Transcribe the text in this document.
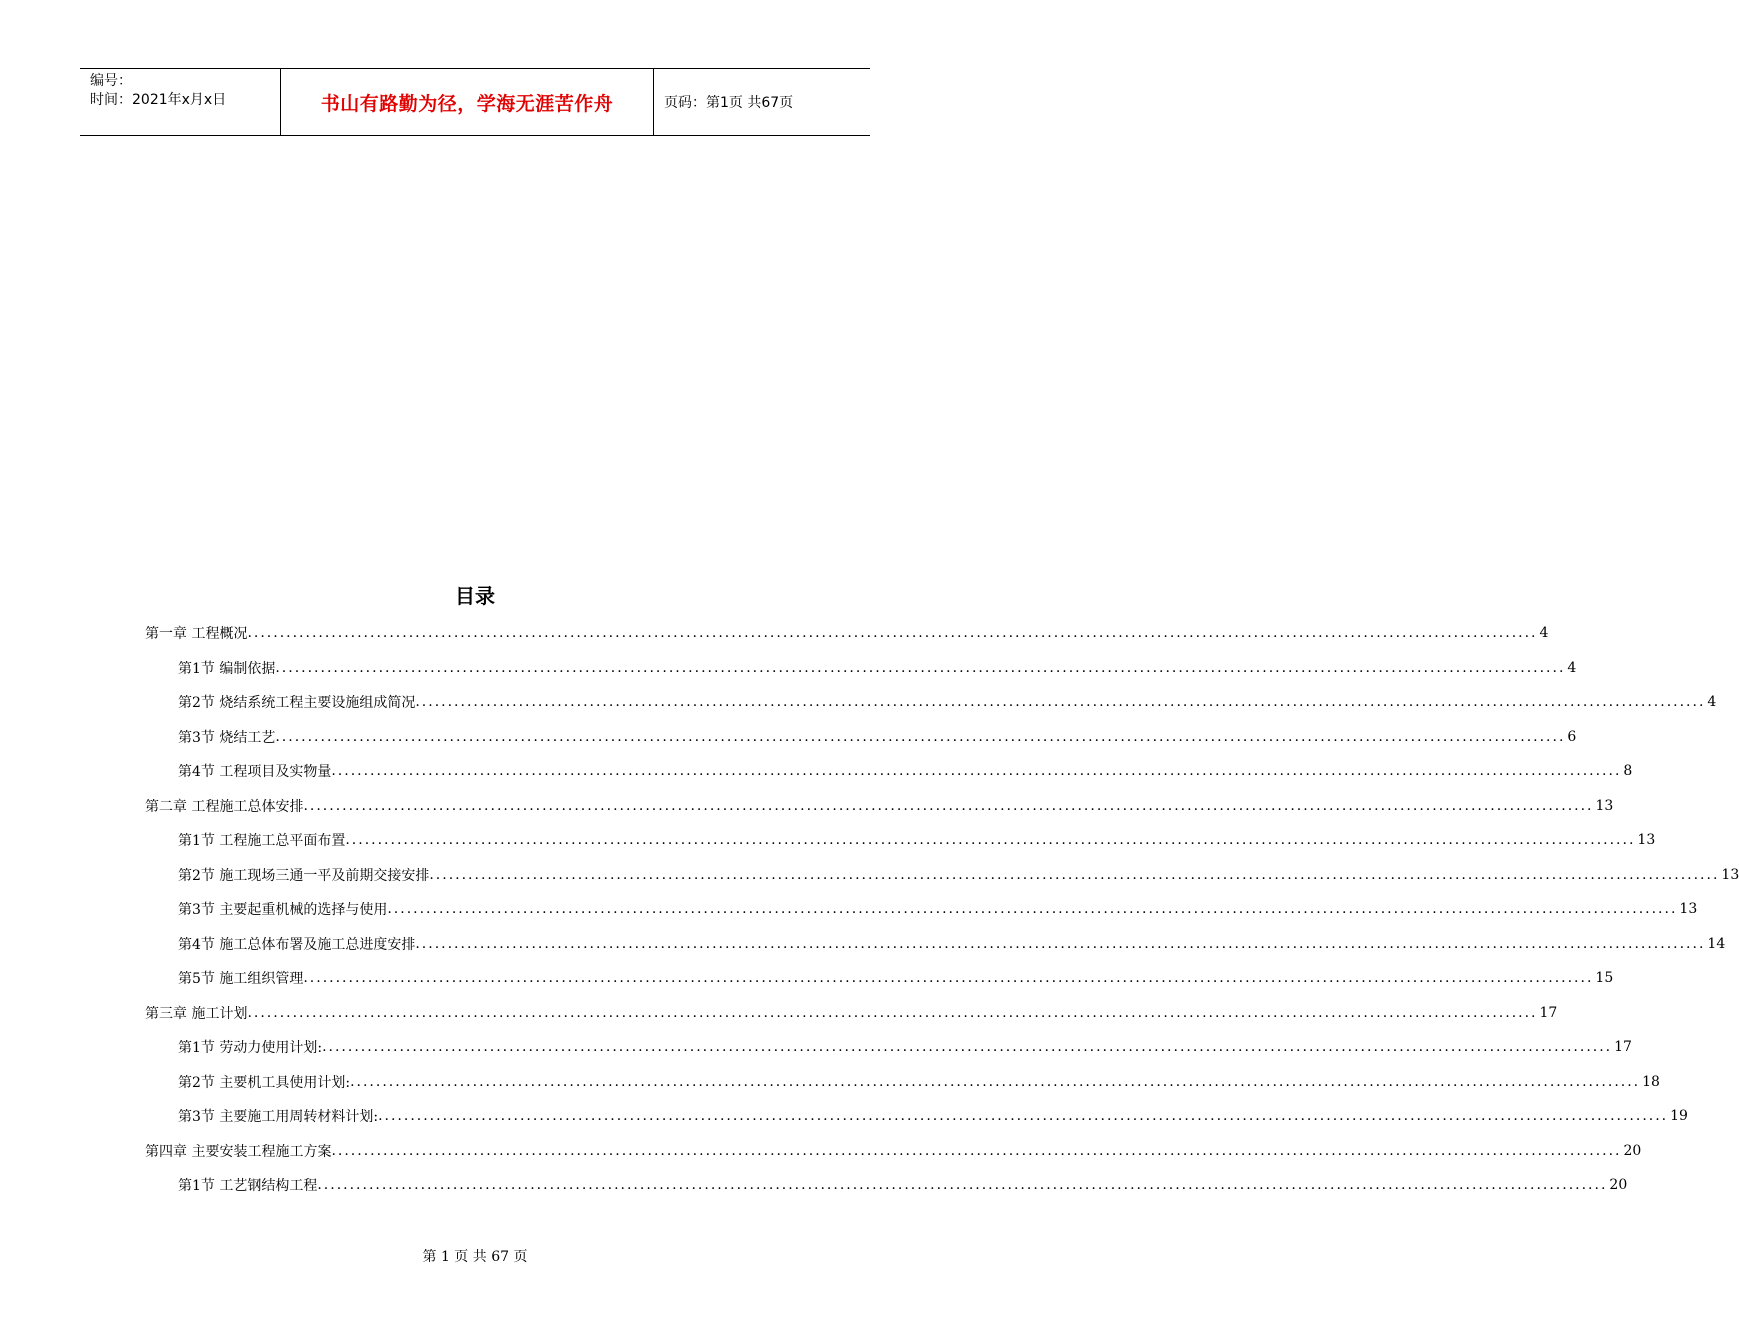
编号：
时间：2021年x月x日	书山有路勤为径，学海无涯苦作舟	页码：第1页 共67页
目录
第一章 工程概况 ........................................................................................................................................................................................................ 4
第1节 编制依据 ........................................................................................................................................................................................................ 4
第2节 烧结系统工程主要设施组成简况 ........................................................................................................................................................................................................ 4
第3节 烧结工艺 ........................................................................................................................................................................................................ 6
第4节 工程项目及实物量 ........................................................................................................................................................................................................ 8
第二章 工程施工总体安排 ........................................................................................................................................................................................................ 13
第1节 工程施工总平面布置 ........................................................................................................................................................................................................ 13
第2节 施工现场三通一平及前期交接安排 ........................................................................................................................................................................................................ 13
第3节 主要起重机械的选择与使用 ........................................................................................................................................................................................................ 13
第4节 施工总体布署及施工总进度安排 ........................................................................................................................................................................................................ 14
第5节 施工组织管理 ........................................................................................................................................................................................................ 15
第三章 施工计划 ........................................................................................................................................................................................................ 17
第1节 劳动力使用计划: ........................................................................................................................................................................................................ 17
第2节 主要机工具使用计划: ........................................................................................................................................................................................................ 18
第3节 主要施工用周转材料计划: ........................................................................................................................................................................................................ 19
第四章 主要安装工程施工方案 ........................................................................................................................................................................................................ 20
第1节 工艺钢结构工程 ........................................................................................................................................................................................................ 20
第 1 页 共 67 页
